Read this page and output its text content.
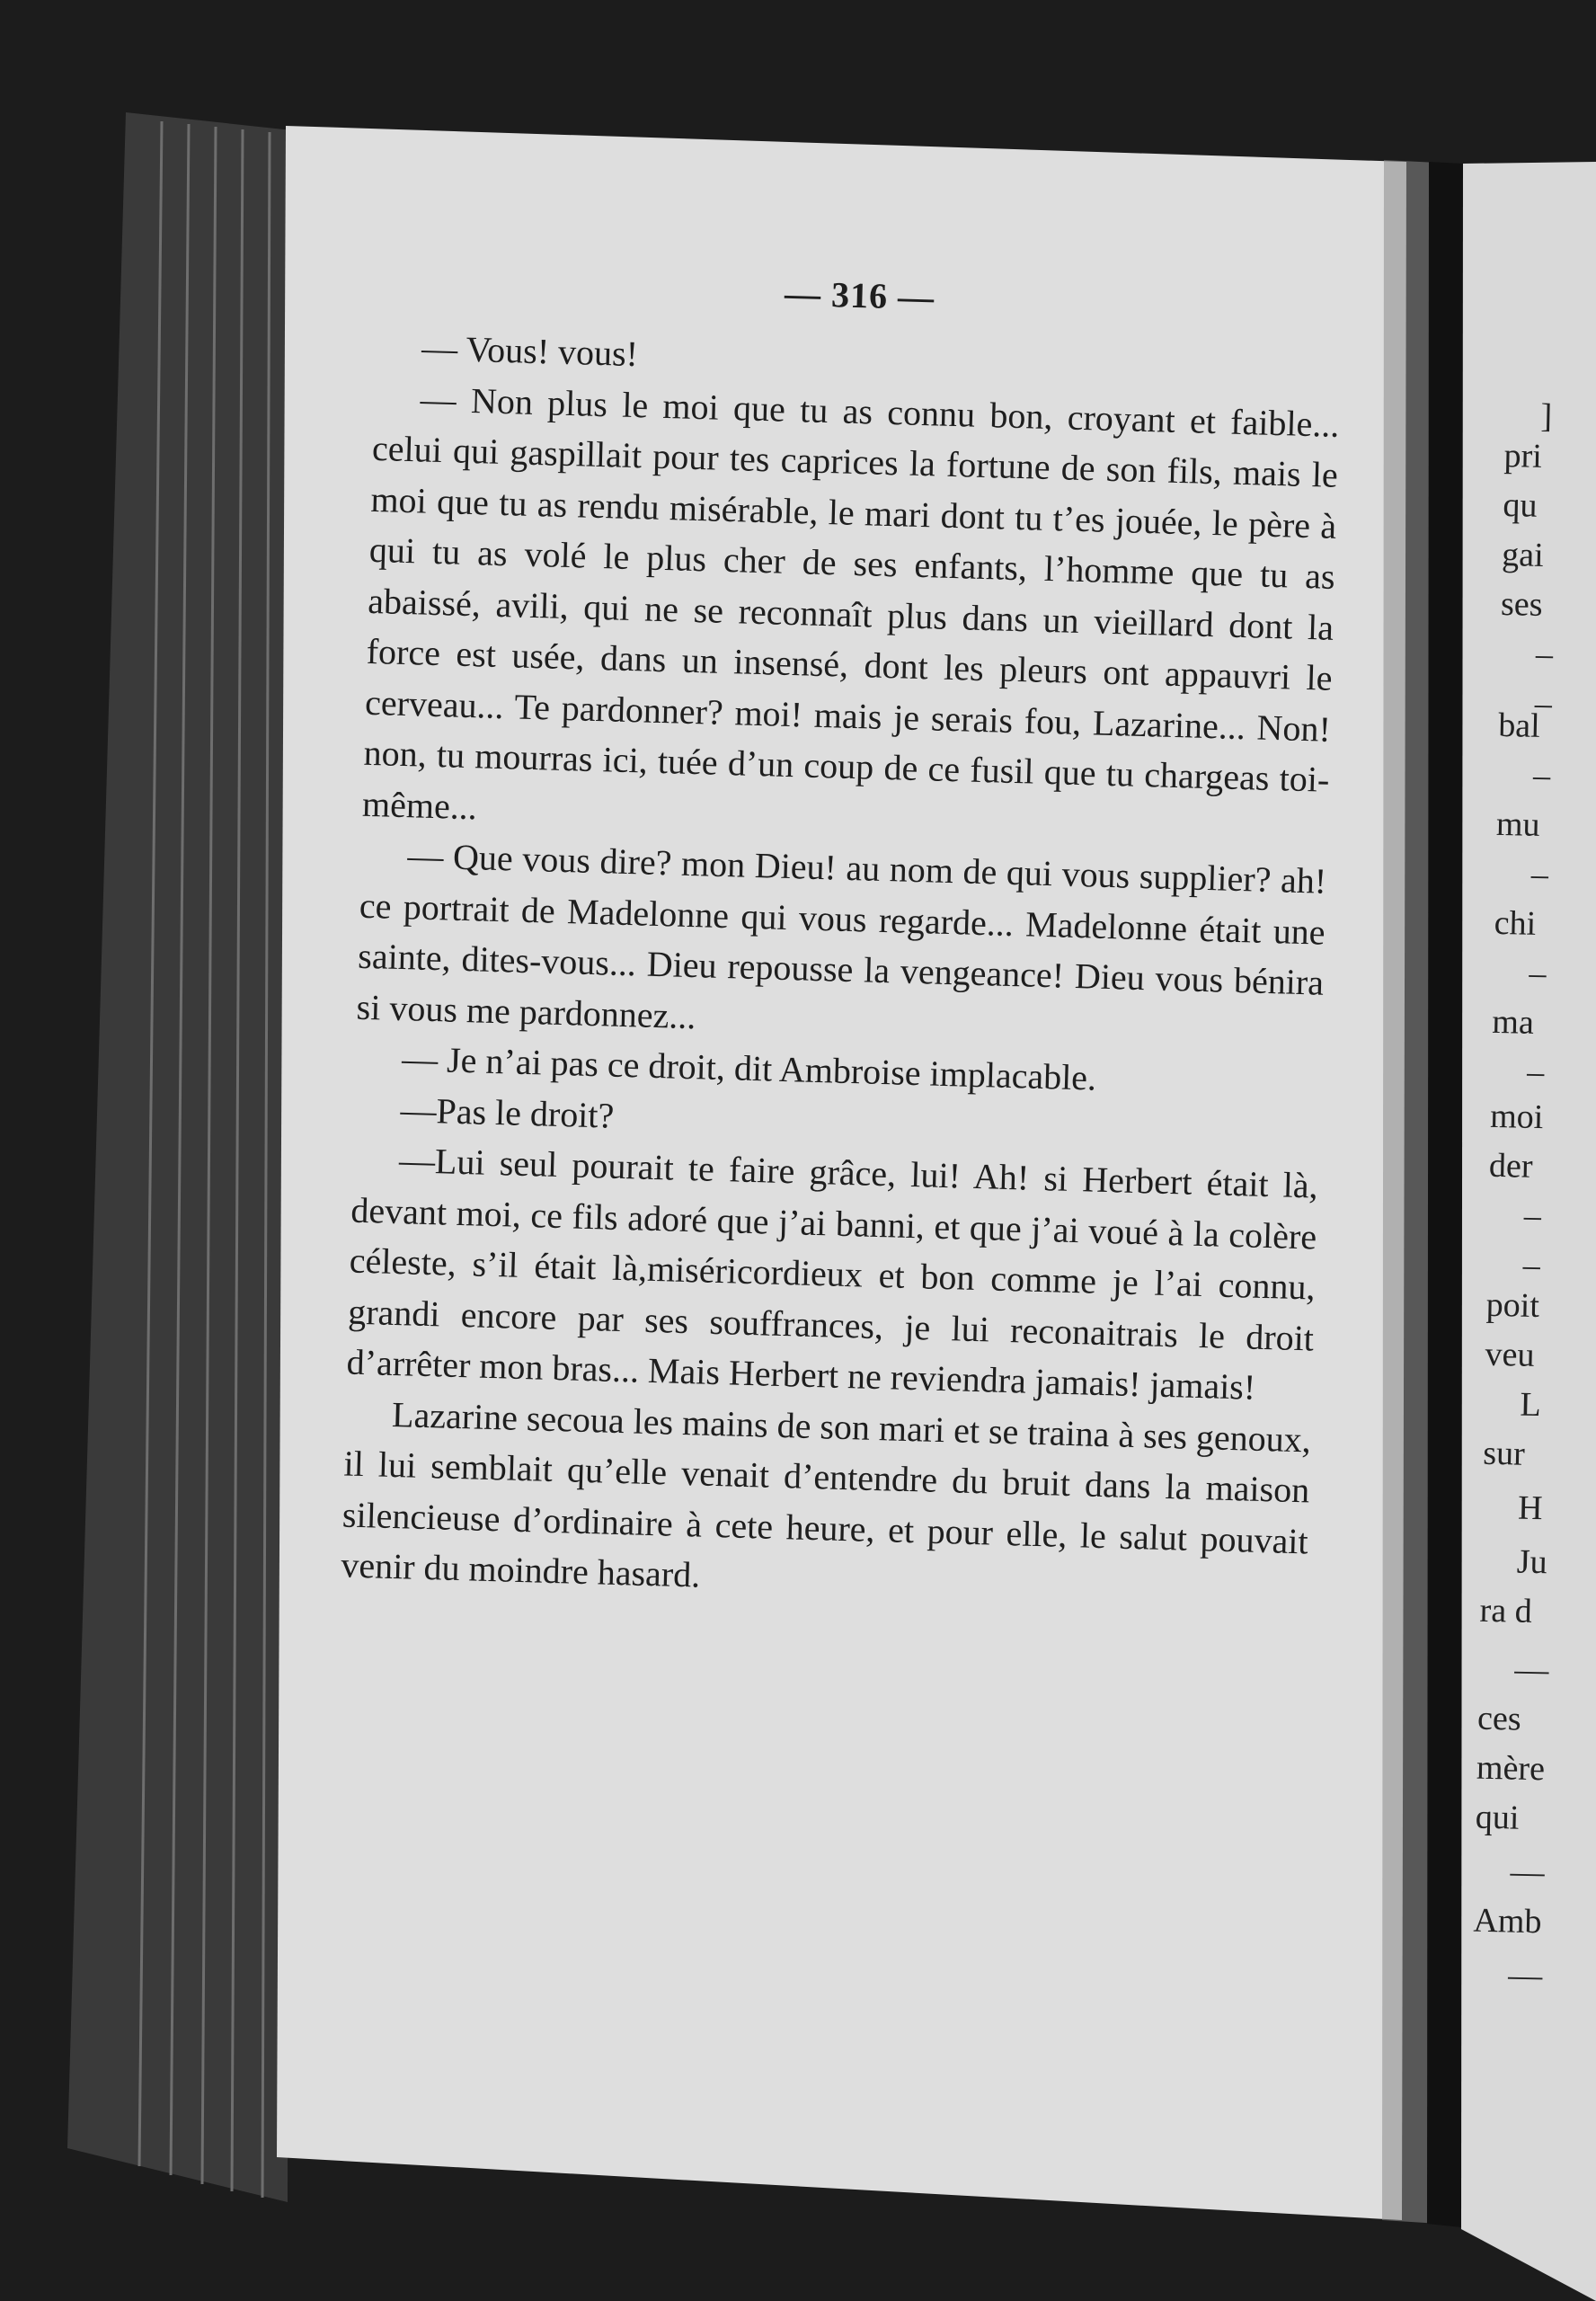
— 316 —

— Vous! vous!

— Non plus le moi que tu as connu bon, croyant et faible... celui qui gaspillait pour tes caprices la fortune de son fils, mais le moi que tu as rendu misérable, le mari dont tu t’es jouée, le père à qui tu as volé le plus cher de ses enfants, l’homme que tu as abaissé, avili, qui ne se reconnaît plus dans un vieillard dont la force est usée, dans un insensé, dont les pleurs ont appauvri le cerveau... Te pardonner? moi! mais je serais fou, Lazarine... Non! non, tu mourras ici, tuée d’un coup de ce fusil que tu chargeas toi-même...

— Que vous dire? mon Dieu! au nom de qui vous supplier? ah! ce portrait de Madelonne qui vous regarde... Madelonne était une sainte, dites-vous... Dieu repousse la vengeance! Dieu vous bénira si vous me pardonnez...

— Je n’ai pas ce droit, dit Ambroise implacable.

—Pas le droit?

—Lui seul pourait te faire grâce, lui! Ah! si Herbert était là, devant moi, ce fils adoré que j’ai banni, et que j’ai voué à la colère céleste, s’il était là,miséricordieux et bon comme je l’ai connu, grandi encore par ses souffrances, je lui reconaitrais le droit d’arrêter mon bras... Mais Herbert ne reviendra jamais! jamais!

Lazarine secoua les mains de son mari et se traina à ses genoux, il lui semblait qu’elle venait d’entendre du bruit dans la maison silencieuse d’ordinaire à cete heure, et pour elle, le salut pouvait venir du moindre hasard.

]
pri
qu
gai
ses
–
–
bal
–
mu
–
chi
–
ma
–
moi
der
–
–
poit
veu
L
sur
H
Ju
ra d
—
ces
mère
qui
—
Amb
—
